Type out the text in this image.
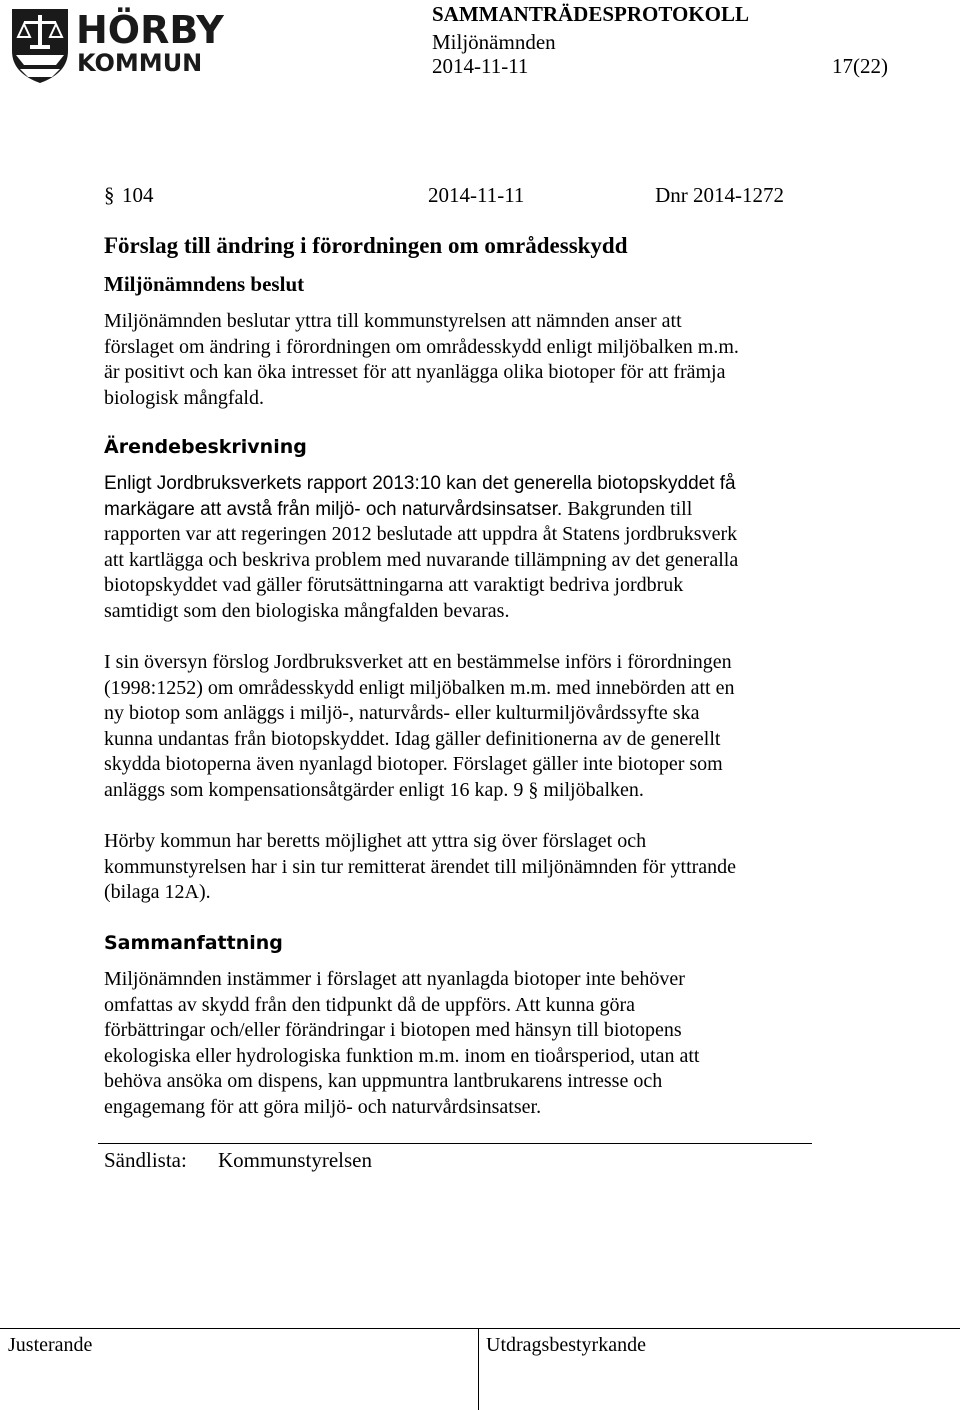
HÖRBY
KOMMUN
SAMMANTRÄDESPROTOKOLL
Miljönämnden
2014-11-11	17(22)
§ 104	2014-11-11	Dnr 2014-1272
Förslag till ändring i förordningen om områdesskydd
Miljönämndens beslut
Miljönämnden beslutar yttra till kommunstyrelsen att nämnden anser att
förslaget om ändring i förordningen om områdesskydd enligt miljöbalken m.m.
är positivt och kan öka intresset för att nyanlägga olika biotoper för att främja
biologisk mångfald.
Ärendebeskrivning
Enligt Jordbruksverkets rapport 2013:10 kan det generella biotopskyddet få
markägare att avstå från miljö- och naturvårdsinsatser. Bakgrunden till
rapporten var att regeringen 2012 beslutade att uppdra åt Statens jordbruksverk
att kartlägga och beskriva problem med nuvarande tillämpning av det generalla
biotopskyddet vad gäller förutsättningarna att varaktigt bedriva jordbruk
samtidigt som den biologiska mångfalden bevaras.
I sin översyn förslog Jordbruksverket att en bestämmelse införs i förordningen
(1998:1252) om områdesskydd enligt miljöbalken m.m. med innebörden att en
ny biotop som anläggs i miljö-, naturvårds- eller kulturmiljövårdssyfte ska
kunna undantas från biotopskyddet. Idag gäller definitionerna av de generellt
skydda biotoperna även nyanlagd biotoper. Förslaget gäller inte biotoper som
anläggs som kompensationsåtgärder enligt 16 kap. 9 § miljöbalken.
Hörby kommun har beretts möjlighet att yttra sig över förslaget och
kommunstyrelsen har i sin tur remitterat ärendet till miljönämnden för yttrande
(bilaga 12A).
Sammanfattning
Miljönämnden instämmer i förslaget att nyanlagda biotoper inte behöver
omfattas av skydd från den tidpunkt då de uppförs. Att kunna göra
förbättringar och/eller förändringar i biotopen med hänsyn till biotopens
ekologiska eller hydrologiska funktion m.m. inom en tioårsperiod, utan att
behöva ansöka om dispens, kan uppmuntra lantbrukarens intresse och
engagemang för att göra miljö- och naturvårdsinsatser.
Sändlista: Kommunstyrelsen
Justerande	Utdragsbestyrkande
